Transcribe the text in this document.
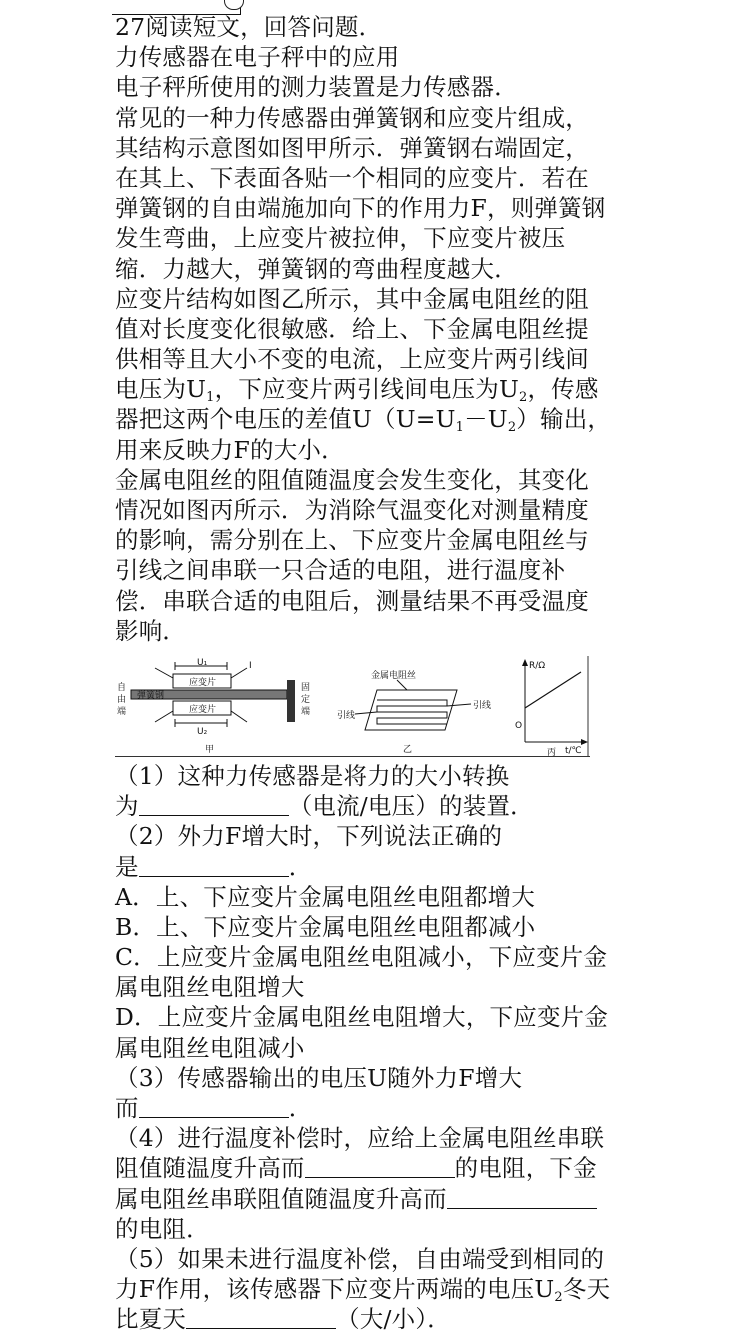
27阅读短文，回答问题．
力传感器在电子秤中的应用
电子秤所使用的测力装置是力传感器．
常见的一种力传感器由弹簧钢和应变片组成，
其结构示意图如图甲所示．弹簧钢右端固定，
在其上、下表面各贴一个相同的应变片．若在
弹簧钢的自由端施加向下的作用力F，则弹簧钢
发生弯曲，上应变片被拉伸，下应变片被压
缩．力越大，弹簧钢的弯曲程度越大．
应变片结构如图乙所示，其中金属电阻丝的阻
值对长度变化很敏感．给上、下金属电阻丝提
供相等且大小不变的电流，上应变片两引线间
电压为$U_1$，下应变片两引线间电压为$U_2$，传感
器把这两个电压的差值$U(U=U_1-U_2)$输出，
用来反映力F的大小．
金属电阻丝的阻值随温度会发生变化，其变化
情况如图丙所示．为消除气温变化对测量精度
的影响，需分别在上、下应变片金属电阻丝与
引线之间串联一只合适的电阻，进行温度补
偿．串联合适的电阻后，测量结果不再受温度
影响．
U₁
应变片
弹簧钢
应变片
U₂
I
自
由
端
固
定
端
甲
金属电阻丝
引线
引线
乙
R/Ω
t/℃
O
丙
（1）这种力传感器是将力的大小转换
为	（电流/电压）的装置．
（2）外力F增大时，下列说法正确的
是	．
A．上、下应变片金属电阻丝电阻都增大
B．上、下应变片金属电阻丝电阻都减小
C．上应变片金属电阻丝电阻减小，下应变片金
属电阻丝电阻增大
D．上应变片金属电阻丝电阻增大，下应变片金
属电阻丝电阻减小
（3）传感器输出的电压U随外力F增大
而	．
（4）进行温度补偿时，应给上金属电阻丝串联
阻值随温度升高而	的电阻，下金
属电阻丝串联阻值随温度升高而
的电阻．
（5）如果未进行温度补偿，自由端受到相同的
力F作用，该传感器下应变片两端的电压$U_2$冬天
比夏天	（大/小）．
